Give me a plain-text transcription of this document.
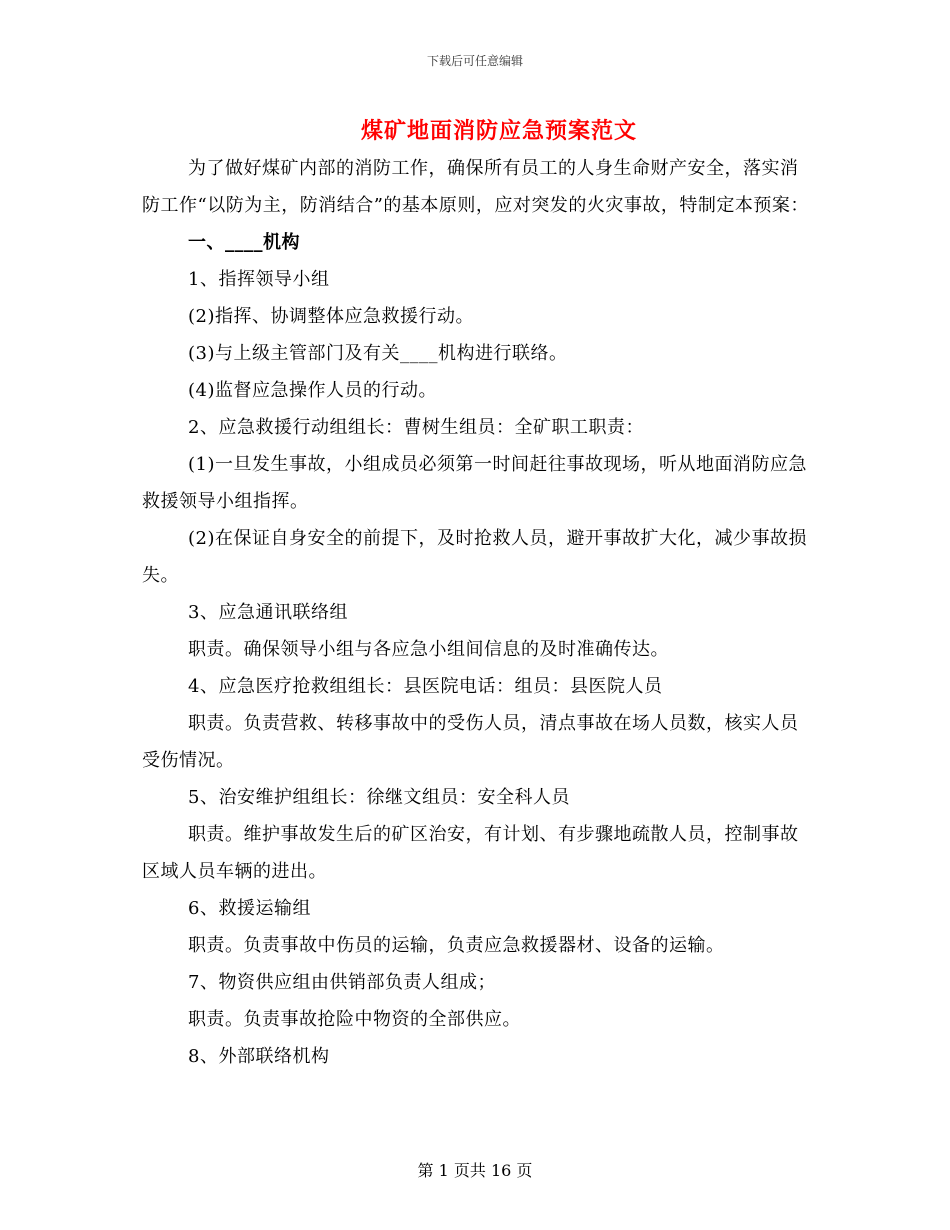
下载后可任意编辑
煤矿地面消防应急预案范文

为了做好煤矿内部的消防工作，确保所有员工的人身生命财产安全，落实消防工作“以防为主，防消结合”的基本原则，应对突发的火灾事故，特制定本预案：

一、____机构

1、指挥领导小组

(2)指挥、协调整体应急救援行动。

(3)与上级主管部门及有关____机构进行联络。

(4)监督应急操作人员的行动。

2、应急救援行动组组长：曹树生组员：全矿职工职责：

(1)一旦发生事故，小组成员必须第一时间赶往事故现场，听从地面消防应急救援领导小组指挥。

(2)在保证自身安全的前提下，及时抢救人员，避开事故扩大化，减少事故损失。

3、应急通讯联络组

职责。确保领导小组与各应急小组间信息的及时准确传达。

4、应急医疗抢救组组长：县医院电话：组员：县医院人员

职责。负责营救、转移事故中的受伤人员，清点事故在场人员数，核实人员受伤情况。

5、治安维护组组长：徐继文组员：安全科人员

职责。维护事故发生后的矿区治安，有计划、有步骤地疏散人员，控制事故区域人员车辆的进出。

6、救援运输组

职责。负责事故中伤员的运输，负责应急救援器材、设备的运输。

7、物资供应组由供销部负责人组成；

职责。负责事故抢险中物资的全部供应。

8、外部联络机构

第 1 页共 16 页
